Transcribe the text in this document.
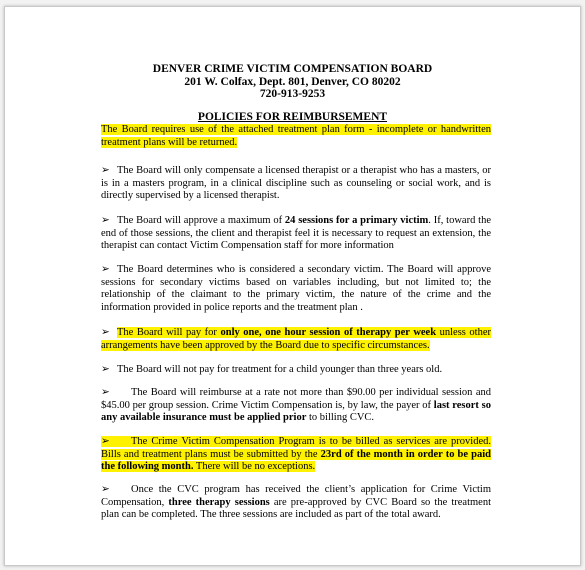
DENVER CRIME VICTIM COMPENSATION BOARD
201 W. Colfax, Dept. 801, Denver, CO 80202
720-913-9253
POLICIES FOR REIMBURSEMENT
The Board requires use of the attached treatment plan form - incomplete or handwritten treatment plans will be returned.
➢ The Board will only compensate a licensed therapist or a therapist who has a masters, or is in a masters program, in a clinical discipline such as counseling or social work, and is directly supervised by a licensed therapist.
➢ The Board will approve a maximum of 24 sessions for a primary victim. If, toward the end of those sessions, the client and therapist feel it is necessary to request an extension, the therapist can contact Victim Compensation staff for more information
➢ The Board determines who is considered a secondary victim. The Board will approve sessions for secondary victims based on variables including, but not limited to; the relationship of the claimant to the primary victim, the nature of the crime and the information provided in police reports and the treatment plan .
➢ The Board will pay for only one, one hour session of therapy per week unless other arrangements have been approved by the Board due to specific circumstances.
➢ The Board will not pay for treatment for a child younger than three years old.
➢ The Board will reimburse at a rate not more than $90.00 per individual session and $45.00 per group session. Crime Victim Compensation is, by law, the payer of last resort so any available insurance must be applied prior to billing CVC.
➢ The Crime Victim Compensation Program is to be billed as services are provided. Bills and treatment plans must be submitted by the 23rd of the month in order to be paid the following month. There will be no exceptions.
➢ Once the CVC program has received the client’s application for Crime Victim Compensation, three therapy sessions are pre-approved by CVC Board so the treatment plan can be completed. The three sessions are included as part of the total award.
